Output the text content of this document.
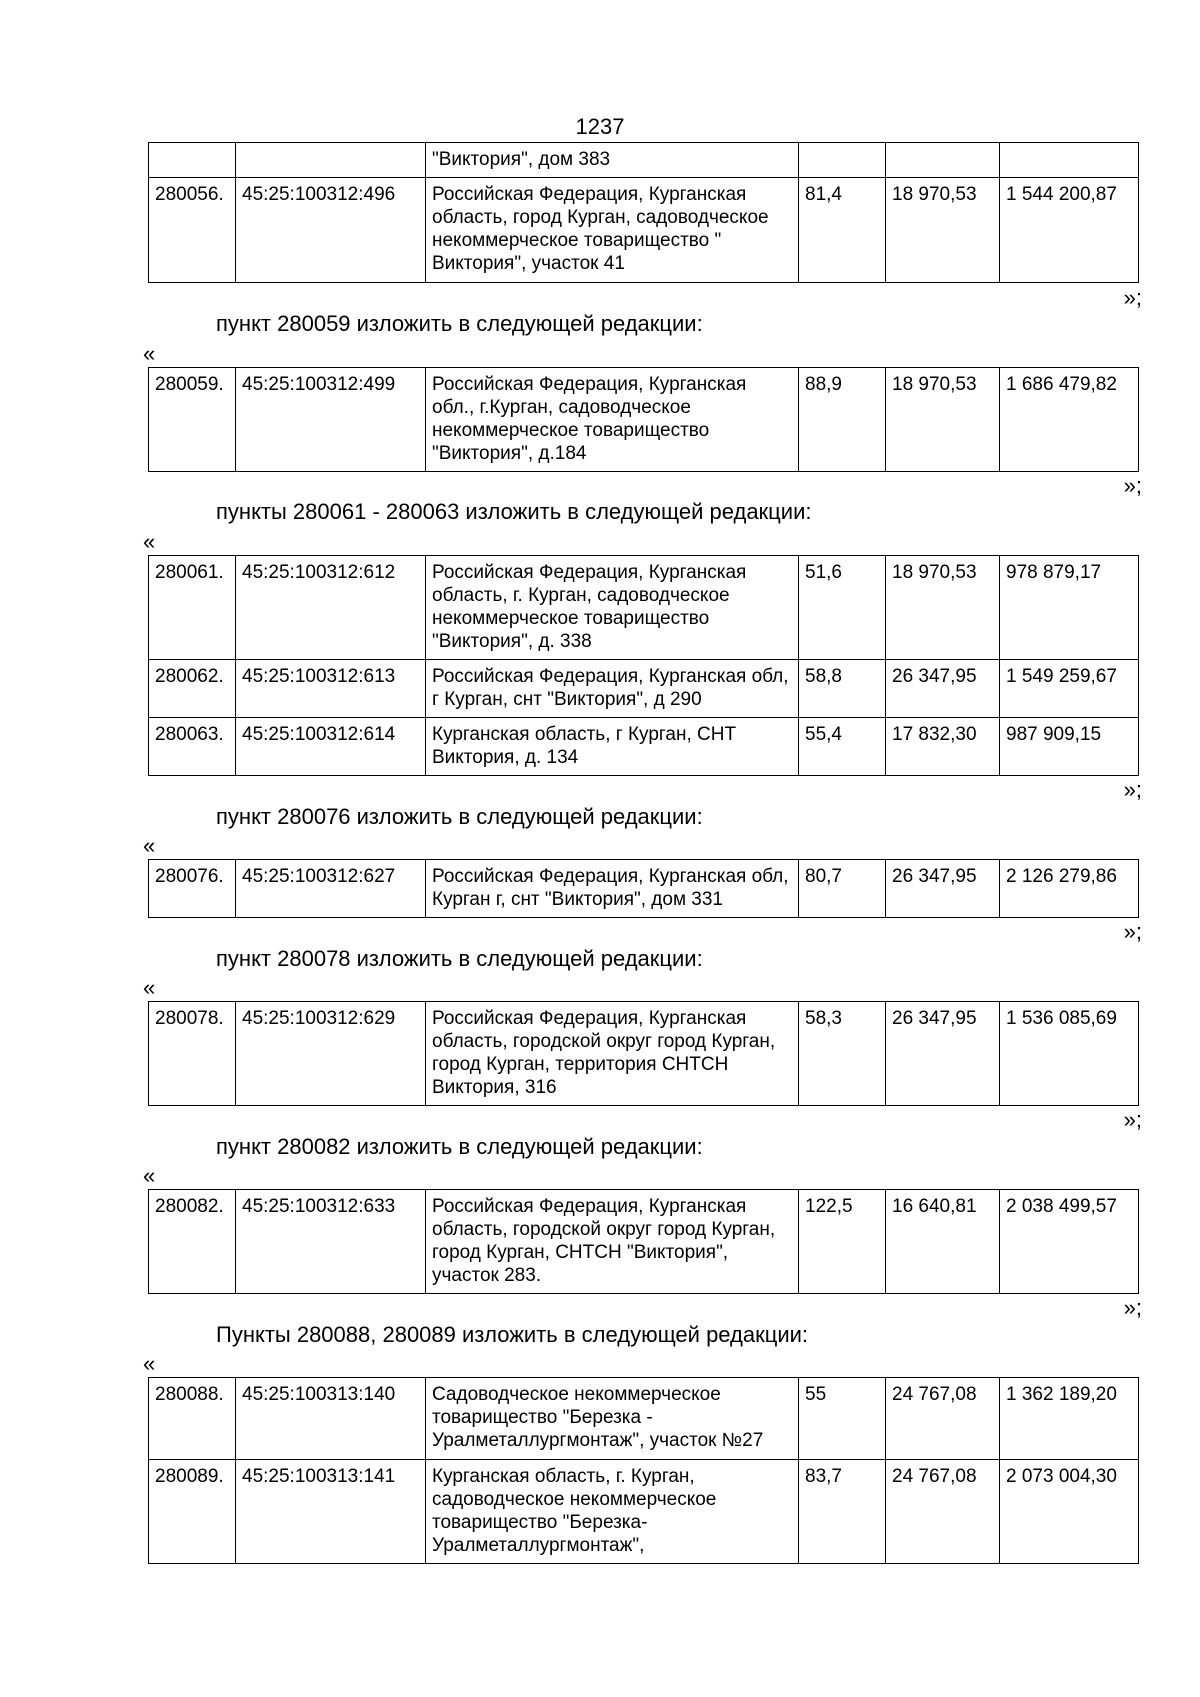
1237
		"Виктория", дом 383			
280056.	45:25:100312:496	Российская Федерация, Курганская область, город Курган, садоводческое некоммерческое товарищество " Виктория", участок 41	81,4	18 970,53	1 544 200,87
»;
пункт 280059 изложить в следующей редакции:
«
280059.	45:25:100312:499	Российская Федерация, Курганская обл., г.Курган, садоводческое некоммерческое товарищество "Виктория", д.184	88,9	18 970,53	1 686 479,82
»;
пункты 280061 - 280063 изложить в следующей редакции:
«
280061.	45:25:100312:612	Российская Федерация, Курганская область, г. Курган, садоводческое некоммерческое товарищество "Виктория", д. 338	51,6	18 970,53	978 879,17
280062.	45:25:100312:613	Российская Федерация, Курганская обл, г Курган, снт "Виктория", д 290	58,8	26 347,95	1 549 259,67
280063.	45:25:100312:614	Курганская область, г Курган, СНТ Виктория, д. 134	55,4	17 832,30	987 909,15
»;
пункт 280076 изложить в следующей редакции:
«
280076.	45:25:100312:627	Российская Федерация, Курганская обл, Курган г, снт "Виктория", дом 331	80,7	26 347,95	2 126 279,86
»;
пункт 280078 изложить в следующей редакции:
«
280078.	45:25:100312:629	Российская Федерация, Курганская область, городской округ город Курган, город Курган, территория СНТСН Виктория, 316	58,3	26 347,95	1 536 085,69
»;
пункт 280082 изложить в следующей редакции:
«
280082.	45:25:100312:633	Российская Федерация, Курганская область, городской округ город Курган, город Курган, СНТСН "Виктория", участок 283.	122,5	16 640,81	2 038 499,57
»;
Пункты 280088, 280089 изложить в следующей редакции:
«
280088.	45:25:100313:140	Садоводческое некоммерческое товарищество "Березка - Уралметаллургмонтаж", участок №27	55	24 767,08	1 362 189,20
280089.	45:25:100313:141	Курганская область, г. Курган, садоводческое некоммерческое товарищество "Березка-Уралметаллургмонтаж",	83,7	24 767,08	2 073 004,30
